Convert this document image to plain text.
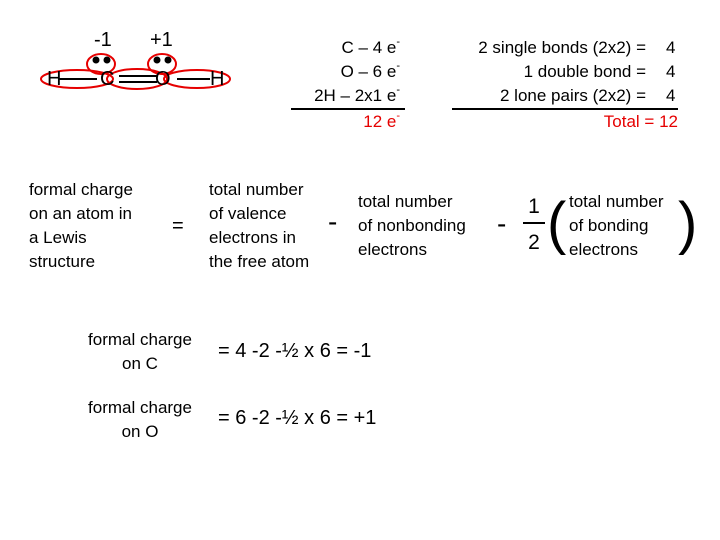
-1 +1
H C O H
C – 4 e-
O – 6 e-
2H – 2x1 e-
12 e-
2 single bonds (2x2) = 4
1 double bond = 4
2 lone pairs (2x2) = 4
Total = 12
formal charge
on an atom in
a Lewis
structure
=
total number
of valence
electrons in
the free atom
-
total number
of nonbonding
electrons
-
1
2 ( total number
of bonding
electrons )
formal charge
on C
= 4 -2 -½ x 6 = -1
formal charge
on O
= 6 -2 -½ x 6 = +1
